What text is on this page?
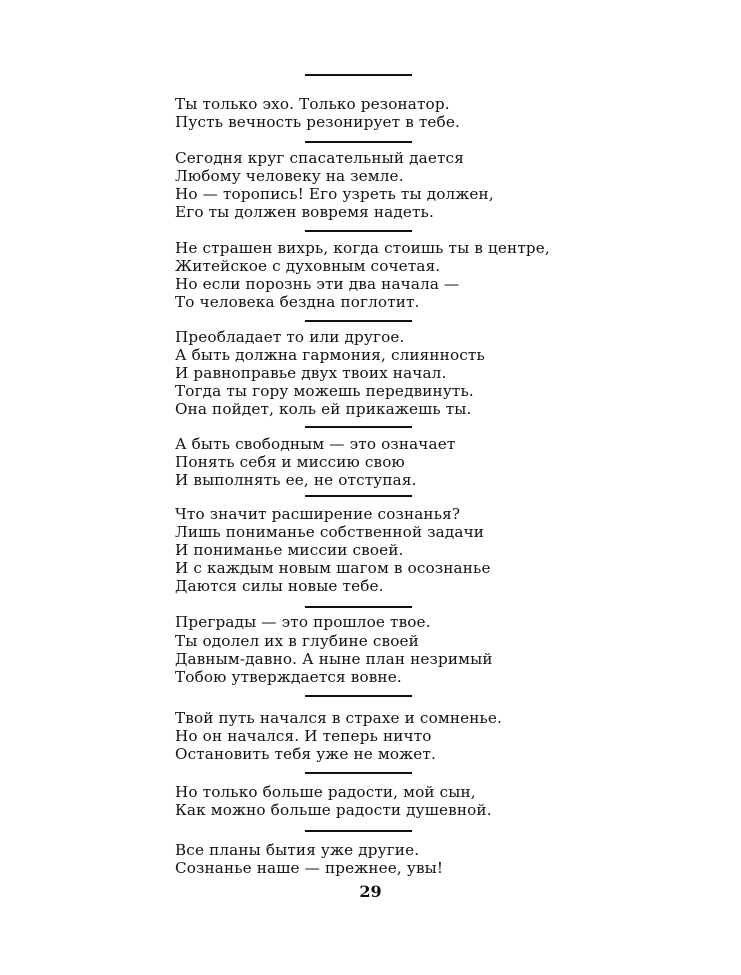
Ты только эхо. Только резонатор.
Пусть вечность резонирует в тебе.
Сегодня круг спасательный дается
Любому человеку на земле.
Но — торопись! Его узреть ты должен,
Его ты должен вовремя надеть.
Не страшен вихрь, когда стоишь ты в центре,
Житейское с духовным сочетая.
Но если порознь эти два начала —
То человека бездна поглотит.
Преобладает то или другое.
А быть должна гармония, слиянность
И равноправье двух твоих начал.
Тогда ты гору можешь передвинуть.
Она пойдет, коль ей прикажешь ты.
А быть свободным — это означает
Понять себя и миссию свою
И выполнять ее, не отступая.
Что значит расширение сознанья?
Лишь пониманье собственной задачи
И пониманье миссии своей.
И с каждым новым шагом в осознанье
Даются силы новые тебе.
Преграды — это прошлое твое.
Ты одолел их в глубине своей
Давным-давно. А ныне план незримый
Тобою утверждается вовне.
Твой путь начался в страхе и сомненье.
Но он начался. И теперь ничто
Остановить тебя уже не может.
Но только больше радости, мой сын,
Как можно больше радости душевной.
Все планы бытия уже другие.
Сознанье наше — прежнее, увы!
29
